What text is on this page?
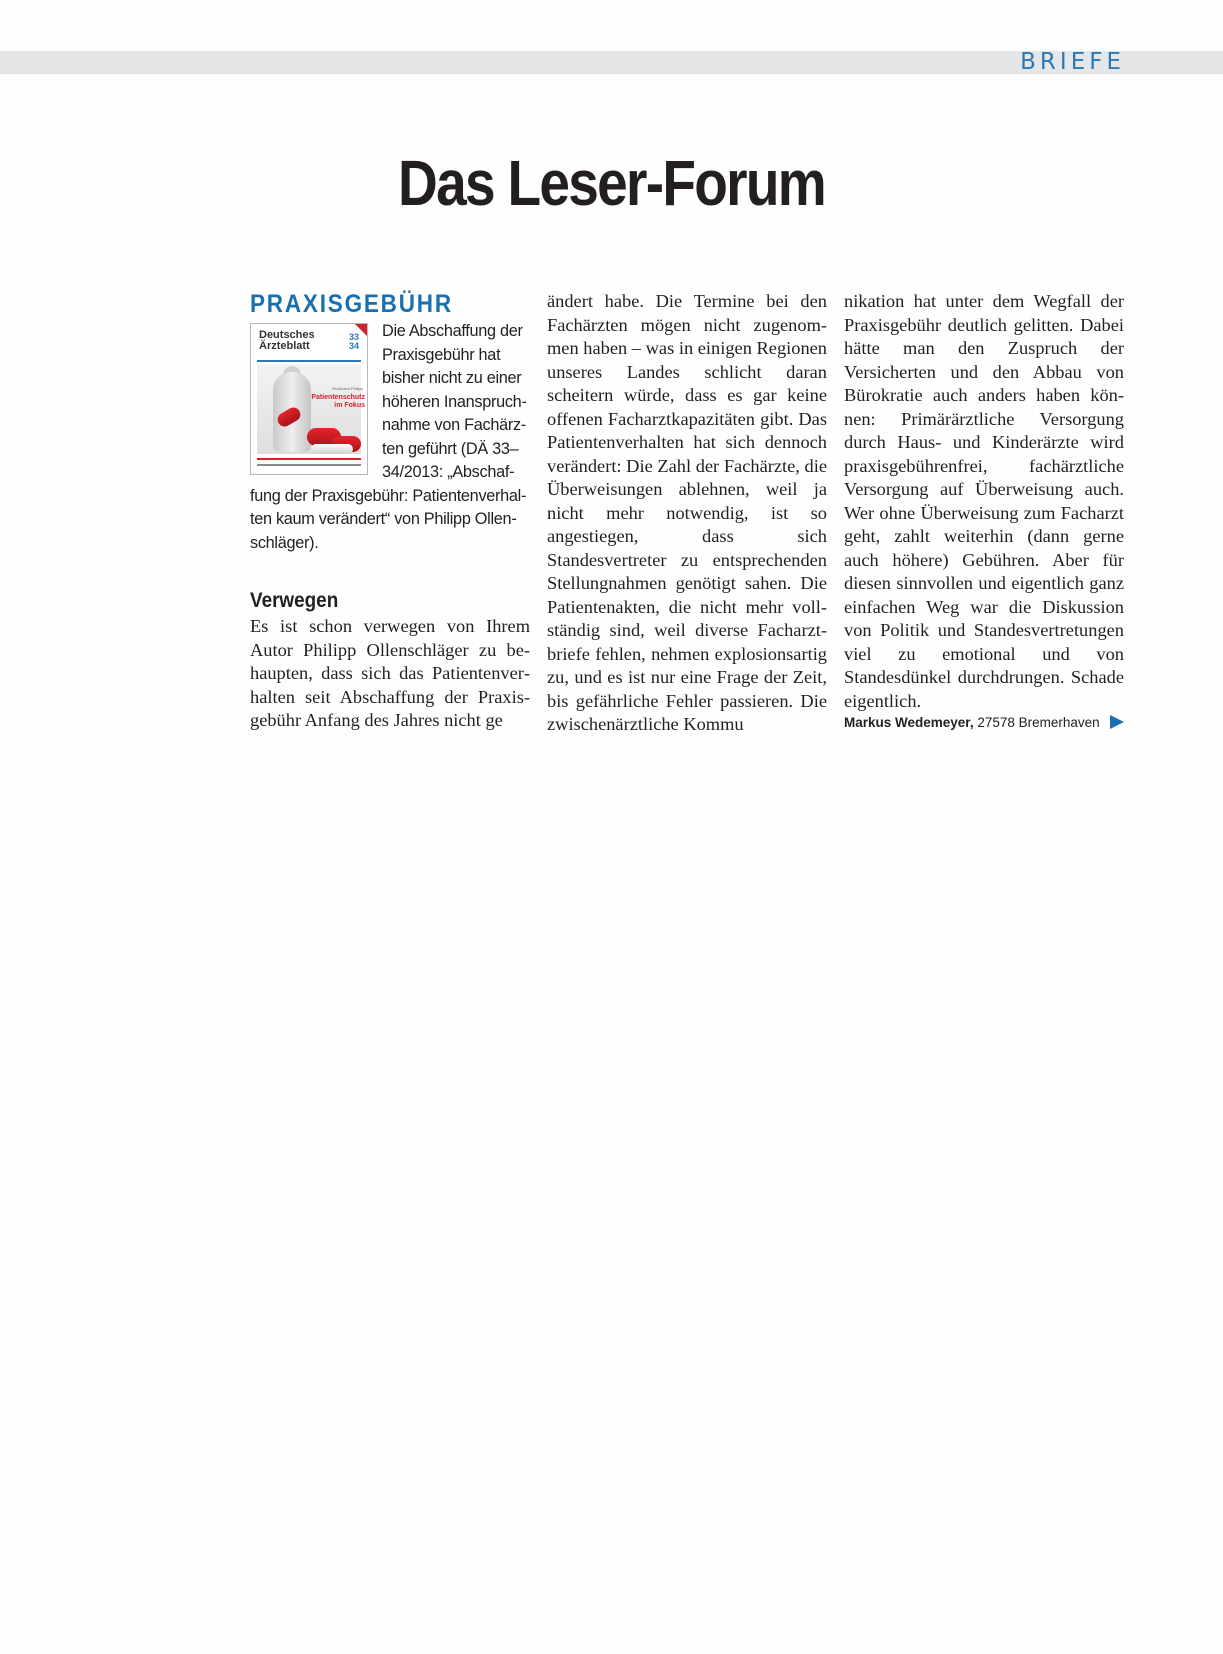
BRIEFE
Das Leser-Forum
PRAXISGEBÜHR
Deutsches Ärzteblatt
33
34
Ferdinand Philipp
Patientenschutz im Fokus

Die Abschaffung der Praxisgebühr hat bisher nicht zu einer höheren Inanspruchnahme von Fachärzten geführt (DÄ 33–34/2013: „Abschaffung der Praxisgebühr: Patientenverhalten kaum verändert“ von Philipp Ollenschläger).

Verwegen

Es ist schon verwegen von Ihrem Autor Philipp Ollenschläger zu behaupten, dass sich das Patientenverhalten seit Abschaffung der Praxisgebühr Anfang des Jahres nicht ge

ändert habe. Die Termine bei den Fachärzten mögen nicht zugenommen haben – was in einigen Regionen unseres Landes schlicht daran scheitern würde, dass es gar keine offenen Facharztkapazitäten gibt. Das Patientenverhalten hat sich dennoch verändert: Die Zahl der Fachärzte, die Überweisungen ablehnen, weil ja nicht mehr notwendig, ist so angestiegen, dass sich Standesvertreter zu entsprechenden Stellungnahmen genötigt sahen. Die Patientenakten, die nicht mehr vollständig sind, weil diverse Facharztbriefe fehlen, nehmen explosionsartig zu, und es ist nur eine Frage der Zeit, bis gefährliche Fehler passieren. Die zwischenärztliche Kommu

nikation hat unter dem Wegfall der Praxisgebühr deutlich gelitten. Dabei hätte man den Zuspruch der Versicherten und den Abbau von Bürokratie auch anders haben können: Primärärztliche Versorgung durch Haus- und Kinderärzte wird praxisgebührenfrei, fachärztliche Versorgung auf Überweisung auch. Wer ohne Überweisung zum Facharzt geht, zahlt weiterhin (dann gerne auch höhere) Gebühren. Aber für diesen sinnvollen und eigentlich ganz einfachen Weg war die Diskussion von Politik und Standesvertretungen viel zu emotional und von Standesdünkel durchdrungen. Schade eigentlich.

Markus Wedemeyer, 27578 Bremerhaven
